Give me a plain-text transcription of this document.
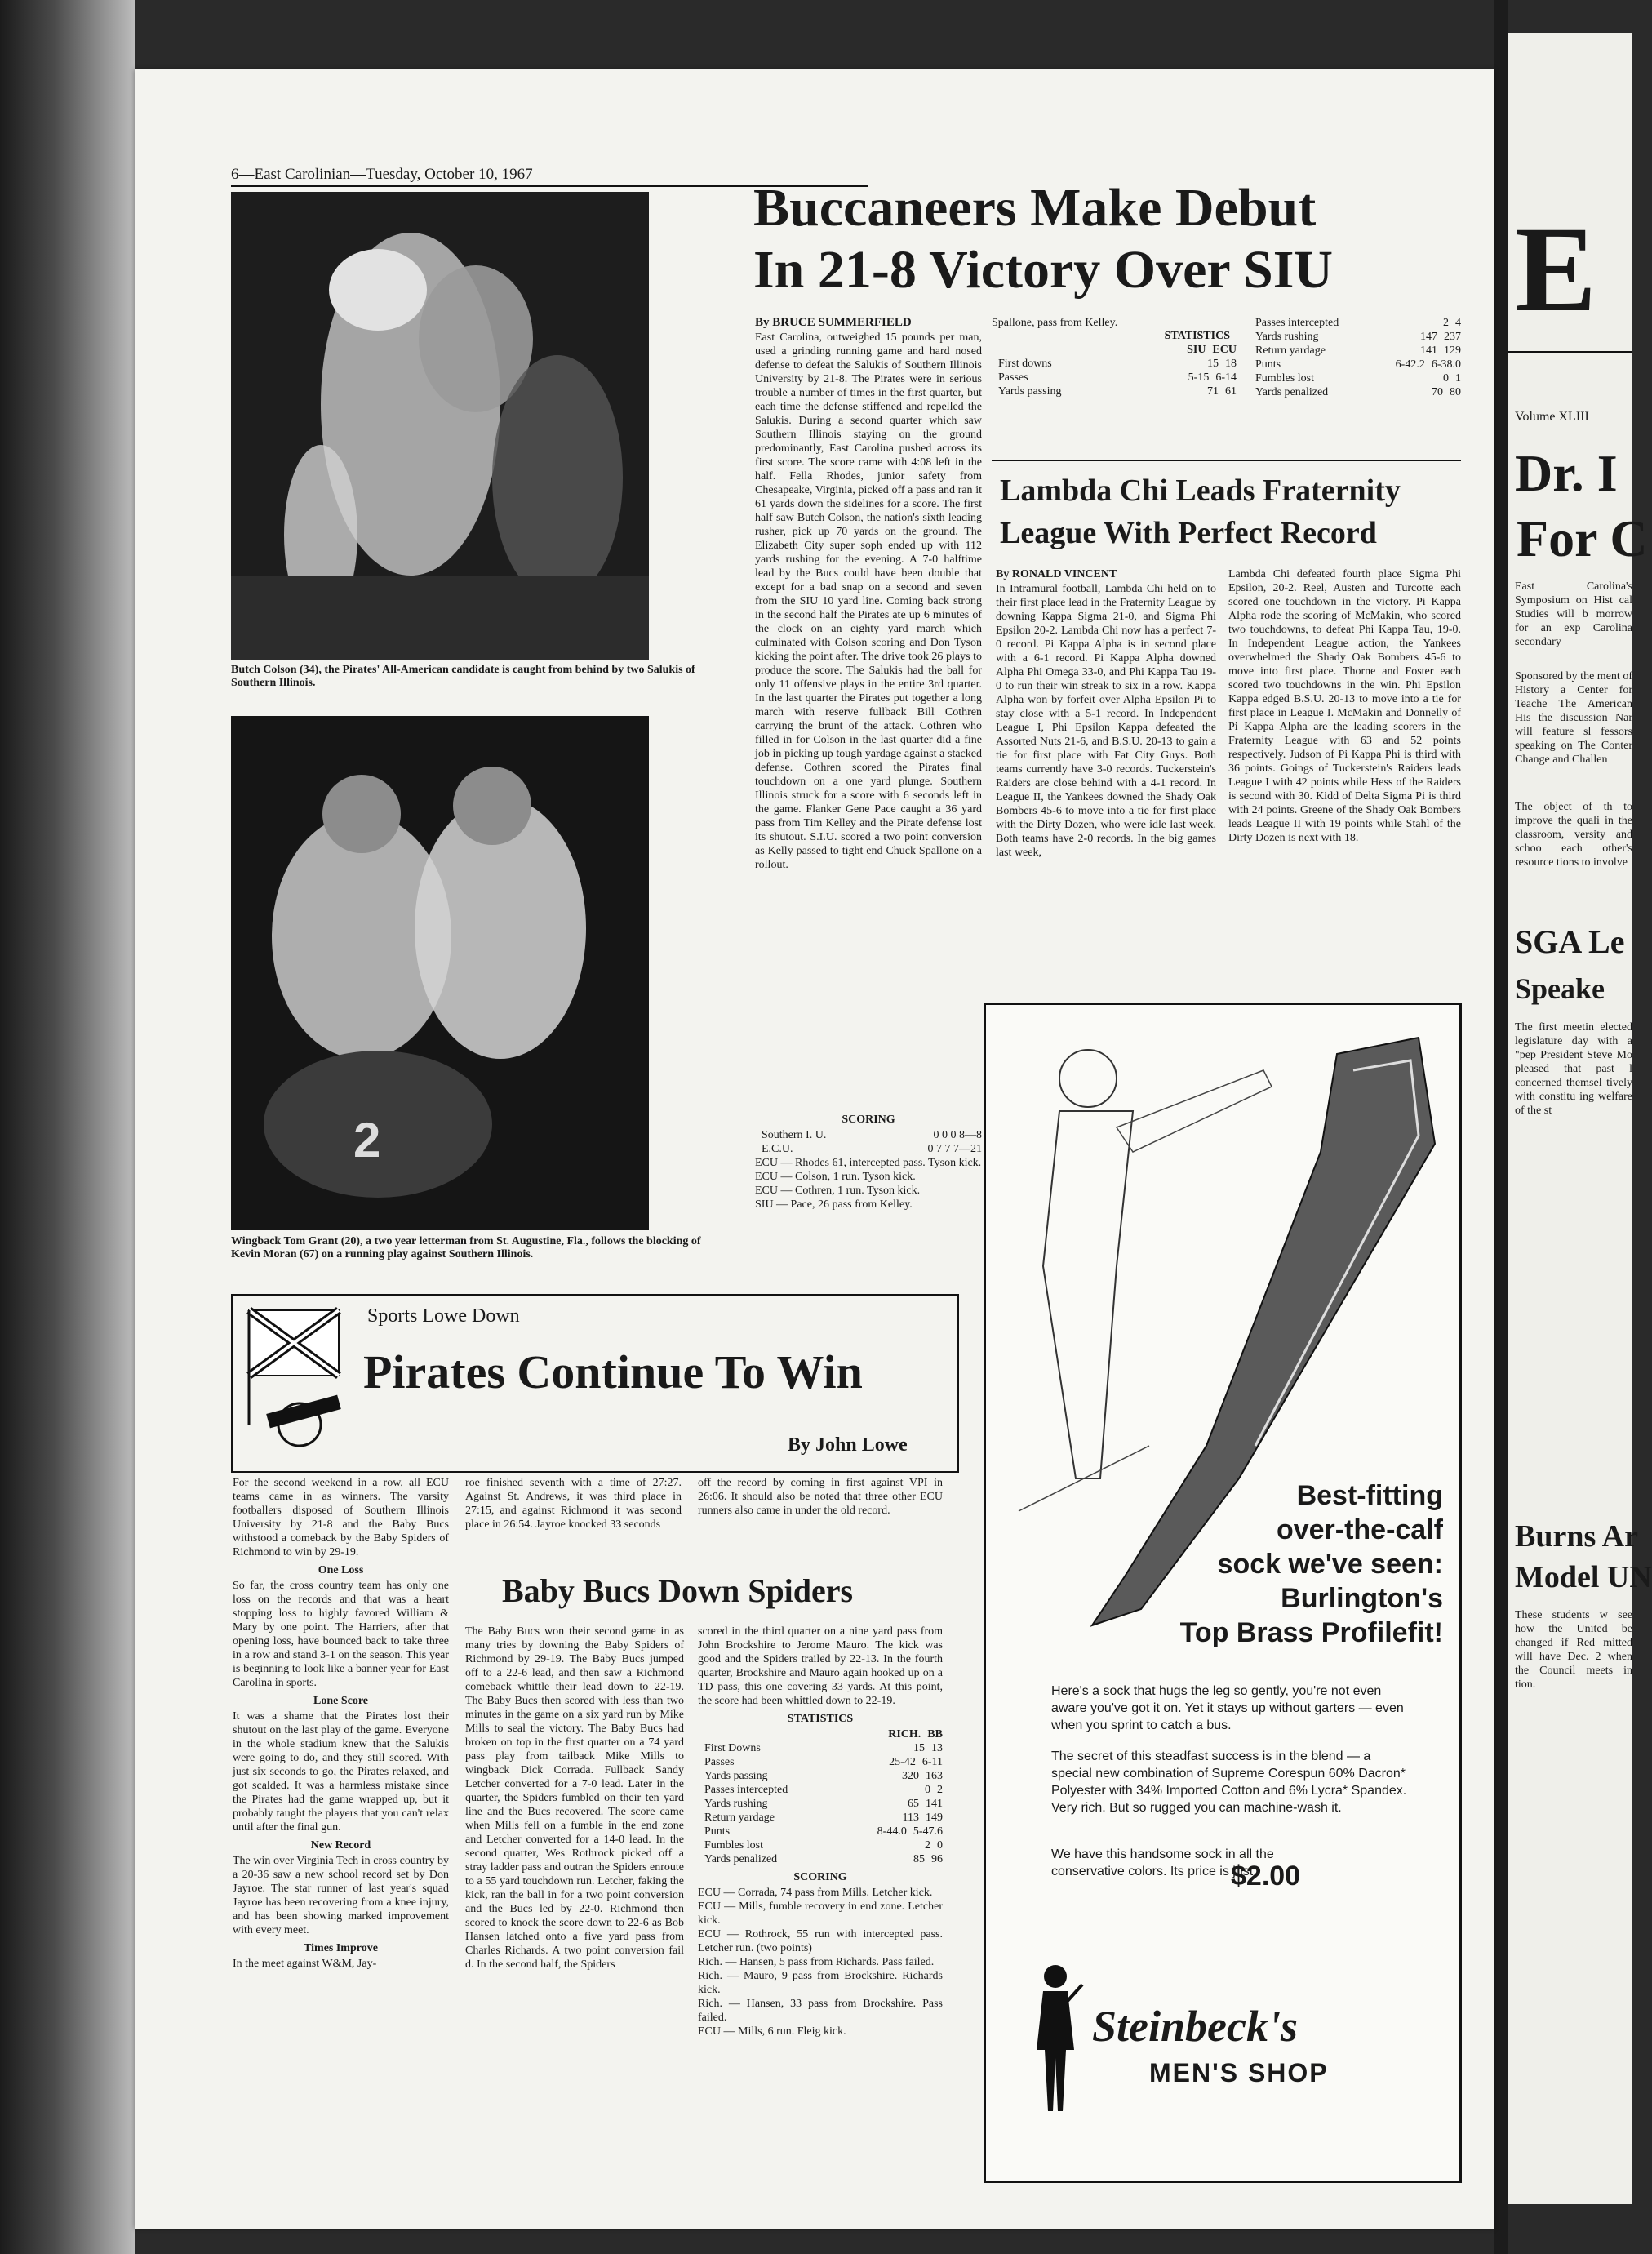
6—East Carolinian—Tuesday, October 10, 1967
Butch Colson (34), the Pirates' All-American candidate is caught from behind by two Salukis of Southern Illinois.
2
Wingback Tom Grant (20), a two year letterman from St. Augustine, Fla., follows the blocking of Kevin Moran (67) on a running play against Southern Illinois.
Buccaneers Make Debut
In 21-8 Victory Over SIU
By BRUCE SUMMERFIELD
East Carolina, outweighed 15 pounds per man, used a grinding running game and hard nosed defense to defeat the Salukis of Southern Illinois University by 21-8. The Pirates were in serious trouble a number of times in the first quarter, but each time the defense stiffened and repelled the Salukis. During a second quarter which saw Southern Illinois staying on the ground predominantly, East Carolina pushed across its first score. The score came with 4:08 left in the half. Fella Rhodes, junior safety from Chesapeake, Virginia, picked off a pass and ran it 61 yards down the sidelines for a score. The first half saw Butch Colson, the nation's sixth leading rusher, pick up 70 yards on the ground. The Elizabeth City super soph ended up with 112 yards rushing for the evening. A 7-0 halftime lead by the Bucs could have been double that except for a bad snap on a second and seven from the SIU 10 yard line. Coming back strong in the second half the Pirates ate up 6 minutes of the clock on an eighty yard march which culminated with Colson scoring and Don Tyson kicking the point after. The drive took 26 plays to produce the score. The Salukis had the ball for only 11 offensive plays in the entire 3rd quarter. In the last quarter the Pirates put together a long march with reserve fullback Bill Cothren carrying the brunt of the attack. Cothren who filled in for Colson in the last quarter did a fine job in picking up tough yardage against a stacked defense. Cothren scored the Pirates final touchdown on a one yard plunge. Southern Illinois struck for a score with 6 seconds left in the game. Flanker Gene Pace caught a 36 yard pass from Tim Kelley and the Pirate defense lost its shutout. S.I.U. scored a two point conversion as Kelly passed to tight end Chuck Spallone on a rollout.
SCORING
Southern I. U.	0 0 0 8—8
E.C.U.	0 7 7 7—21
ECU — Rhodes 61, intercepted pass. Tyson kick.
ECU — Colson, 1 run. Tyson kick.
ECU — Cothren, 1 run. Tyson kick.
SIU — Pace, 26 pass from Kelley.
Spallone, pass from Kelley.
STATISTICS
SIU ECU
First downs	15 18
Passes	5-15 6-14
Yards passing	71 61
Passes intercepted	2 4
Yards rushing	147 237
Return yardage	141 129
Punts	6-42.2 6-38.0
Fumbles lost	0 1
Yards penalized	70 80
Lambda Chi Leads Fraternity
League With Perfect Record
By RONALD VINCENT
In Intramural football, Lambda Chi held on to their first place lead in the Fraternity League by downing Kappa Sigma 21-0, and Sigma Phi Epsilon 20-2. Lambda Chi now has a perfect 7-0 record. Pi Kappa Alpha is in second place with a 6-1 record. Pi Kappa Alpha downed Alpha Phi Omega 33-0, and Phi Kappa Tau 19-0 to run their win streak to six in a row. Kappa Alpha won by forfeit over Alpha Epsilon Pi to stay close with a 5-1 record. In Independent League I, Phi Epsilon Kappa defeated the Assorted Nuts 21-6, and B.S.U. 20-13 to gain a tie for first place with Fat City Guys. Both teams currently have 3-0 records. Tuckerstein's Raiders are close behind with a 4-1 record. In League II, the Yankees downed the Shady Oak Bombers 45-6 to move into a tie for first place with the Dirty Dozen, who were idle last week. Both teams have 2-0 records. In the big games last week,
Lambda Chi defeated fourth place Sigma Phi Epsilon, 20-2. Reel, Austen and Turcotte each scored one touchdown in the victory. Pi Kappa Alpha rode the scoring of McMakin, who scored two touchdowns, to defeat Phi Kappa Tau, 19-0. In Independent League action, the Yankees overwhelmed the Shady Oak Bombers 45-6 to move into first place. Thorne and Foster each scored two touchdowns in the win. Phi Epsilon Kappa edged B.S.U. 20-13 to move into a tie for first place in League I. McMakin and Donnelly of Pi Kappa Alpha are the leading scorers in the Fraternity League with 63 and 52 points respectively. Judson of Pi Kappa Phi is third with 36 points. Goings of Tuckerstein's Raiders leads League I with 42 points while Hess of the Raiders is second with 30. Kidd of Delta Sigma Pi is third with 24 points. Greene of the Shady Oak Bombers leads League II with 19 points while Stahl of the Dirty Dozen is next with 18.
Best-fitting
over-the-calf
sock we've seen:
Burlington's
Top Brass Profilefit!
Here's a sock that hugs the leg so gently, you're not even aware you've got it on. Yet it stays up without garters — even when you sprint to catch a bus.
The secret of this steadfast success is in the blend — a special new combination of Supreme Corespun 60% Dacron* Polyester with 34% Imported Cotton and 6% Lycra* Spandex. Very rich. But so rugged you can machine-wash it.
We have this handsome sock in all the conservative colors. Its price is just
$2.00
Steinbeck's
MEN'S SHOP
Sports Lowe Down
Pirates Continue To Win
By John Lowe
For the second weekend in a row, all ECU teams came in as winners. The varsity footballers disposed of Southern Illinois University by 21-8 and the Baby Bucs withstood a comeback by the Baby Spiders of Richmond to win by 29-19.
One Loss
So far, the cross country team has only one loss on the records and that was a heart stopping loss to highly favored William & Mary by one point. The Harriers, after that opening loss, have bounced back to take three in a row and stand 3-1 on the season. This year is beginning to look like a banner year for East Carolina in sports.
Lone Score
It was a shame that the Pirates lost their shutout on the last play of the game. Everyone in the whole stadium knew that the Salukis were going to do, and they still scored. With just six seconds to go, the Pirates relaxed, and got scalded. It was a harmless mistake since the Pirates had the game wrapped up, but it probably taught the players that you can't relax until after the final gun.
New Record
The win over Virginia Tech in cross country by a 20-36 saw a new school record set by Don Jayroe. The star runner of last year's squad Jayroe has been recovering from a knee injury, and has been showing marked improvement with every meet.
Times Improve
In the meet against W&M, Jay-
roe finished seventh with a time of 27:27. Against St. Andrews, it was third place in 27:15, and against Richmond it was second place in 26:54. Jayroe knocked 33 seconds
off the record by coming in first against VPI in 26:06. It should also be noted that three other ECU runners also came in under the old record.
Baby Bucs Down Spiders
The Baby Bucs won their second game in as many tries by downing the Baby Spiders of Richmond by 29-19. The Baby Bucs jumped off to a 22-6 lead, and then saw a Richmond comeback whittle their lead down to 22-19. The Baby Bucs then scored with less than two minutes in the game on a six yard run by Mike Mills to seal the victory. The Baby Bucs had broken on top in the first quarter on a 74 yard pass play from tailback Mike Mills to wingback Dick Corrada. Fullback Sandy Letcher converted for a 7-0 lead. Later in the quarter, the Spiders fumbled on their ten yard line and the Bucs recovered. The score came when Mills fell on a fumble in the end zone and Letcher converted for a 14-0 lead. In the second quarter, Wes Rothrock picked off a stray ladder pass and outran the Spiders enroute to a 55 yard touchdown run. Letcher, faking the kick, ran the ball in for a two point conversion and the Bucs led by 22-0. Richmond then scored to knock the score down to 22-6 as Bob Hansen latched onto a five yard pass from Charles Richards. A two point conversion fail d. In the second half, the Spiders
scored in the third quarter on a nine yard pass from John Brockshire to Jerome Mauro. The kick was good and the Spiders trailed by 22-13. In the fourth quarter, Brockshire and Mauro again hooked up on a TD pass, this one covering 33 yards. At this point, the score had been whittled down to 22-19.
STATISTICS
RICH. BB
First Downs	15 13
Passes	25-42 6-11
Yards passing	320 163
Passes intercepted	0 2
Yards rushing	65 141
Return yardage	113 149
Punts	8-44.0 5-47.6
Fumbles lost	2 0
Yards penalized	85 96
SCORING
ECU — Corrada, 74 pass from Mills. Letcher kick.
ECU — Mills, fumble recovery in end zone. Letcher kick.
ECU — Rothrock, 55 run with intercepted pass. Letcher run. (two points)
Rich. — Hansen, 5 pass from Richards. Pass failed.
Rich. — Mauro, 9 pass from Brockshire. Richards kick.
Rich. — Hansen, 33 pass from Brockshire. Pass failed.
ECU — Mills, 6 run. Fleig kick.
E
Volume XLIII
Dr. I
For C
East Carolina's Symposium on Hist cal Studies will b morrow for an exp Carolina secondary
Sponsored by the ment of History a Center for Teache The American His the discussion Nar will feature sl fessors speaking on The Conter Change and Challen
The object of th to improve the quali in the classroom, versity and schoo each other's resource tions to involve
SGA Le
Speake
The first meetin elected legislature day with a "pep President Steve Mo pleased that past l concerned themsel tively with constitu ing welfare of the st
Burns Ar
Model UN
These students w see how the United be changed if Red mitted will have Dec. 2 when the Council meets in tion.
